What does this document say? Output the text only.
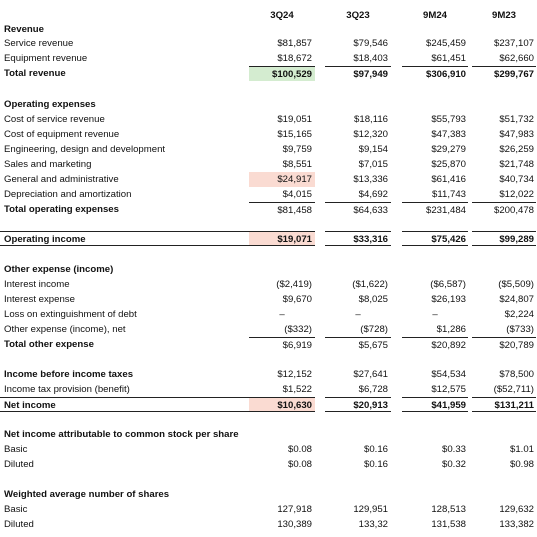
3Q24	3Q23	9M24	9M23
Revenue
Service revenue	$81,857	$79,546	$245,459	$237,107
Equipment revenue	$18,672	$18,403	$61,451	$62,660
Total revenue	$100,529	$97,949	$306,910	$299,767
Operating expenses
Cost of service revenue	$19,051	$18,116	$55,793	$51,732
Cost of equipment revenue	$15,165	$12,320	$47,383	$47,983
Engineering, design and development	$9,759	$9,154	$29,279	$26,259
Sales and marketing	$8,551	$7,015	$25,870	$21,748
General and administrative	$24,917	$13,336	$61,416	$40,734
Depreciation and amortization	$4,015	$4,692	$11,743	$12,022
Total operating expenses	$81,458	$64,633	$231,484	$200,478
Operating income	$19,071	$33,316	$75,426	$99,289
Other expense (income)
Interest income	($2,419)	($1,622)	($6,587)	($5,509)
Interest expense	$9,670	$8,025	$26,193	$24,807
Loss on extinguishment of debt	–	–	–	$2,224
Other expense (income), net	($332)	($728)	$1,286	($733)
Total other expense	$6,919	$5,675	$20,892	$20,789
Income before income taxes	$12,152	$27,641	$54,534	$78,500
Income tax provision (benefit)	$1,522	$6,728	$12,575	($52,711)
Net income	$10,630	$20,913	$41,959	$131,211
Net income attributable to common stock per share
Basic	$0.08	$0.16	$0.33	$1.01
Diluted	$0.08	$0.16	$0.32	$0.98
Weighted average number of shares
Basic	127,918	129,951	128,513	129,632
Diluted	130,389	133,32	131,538	133,382
